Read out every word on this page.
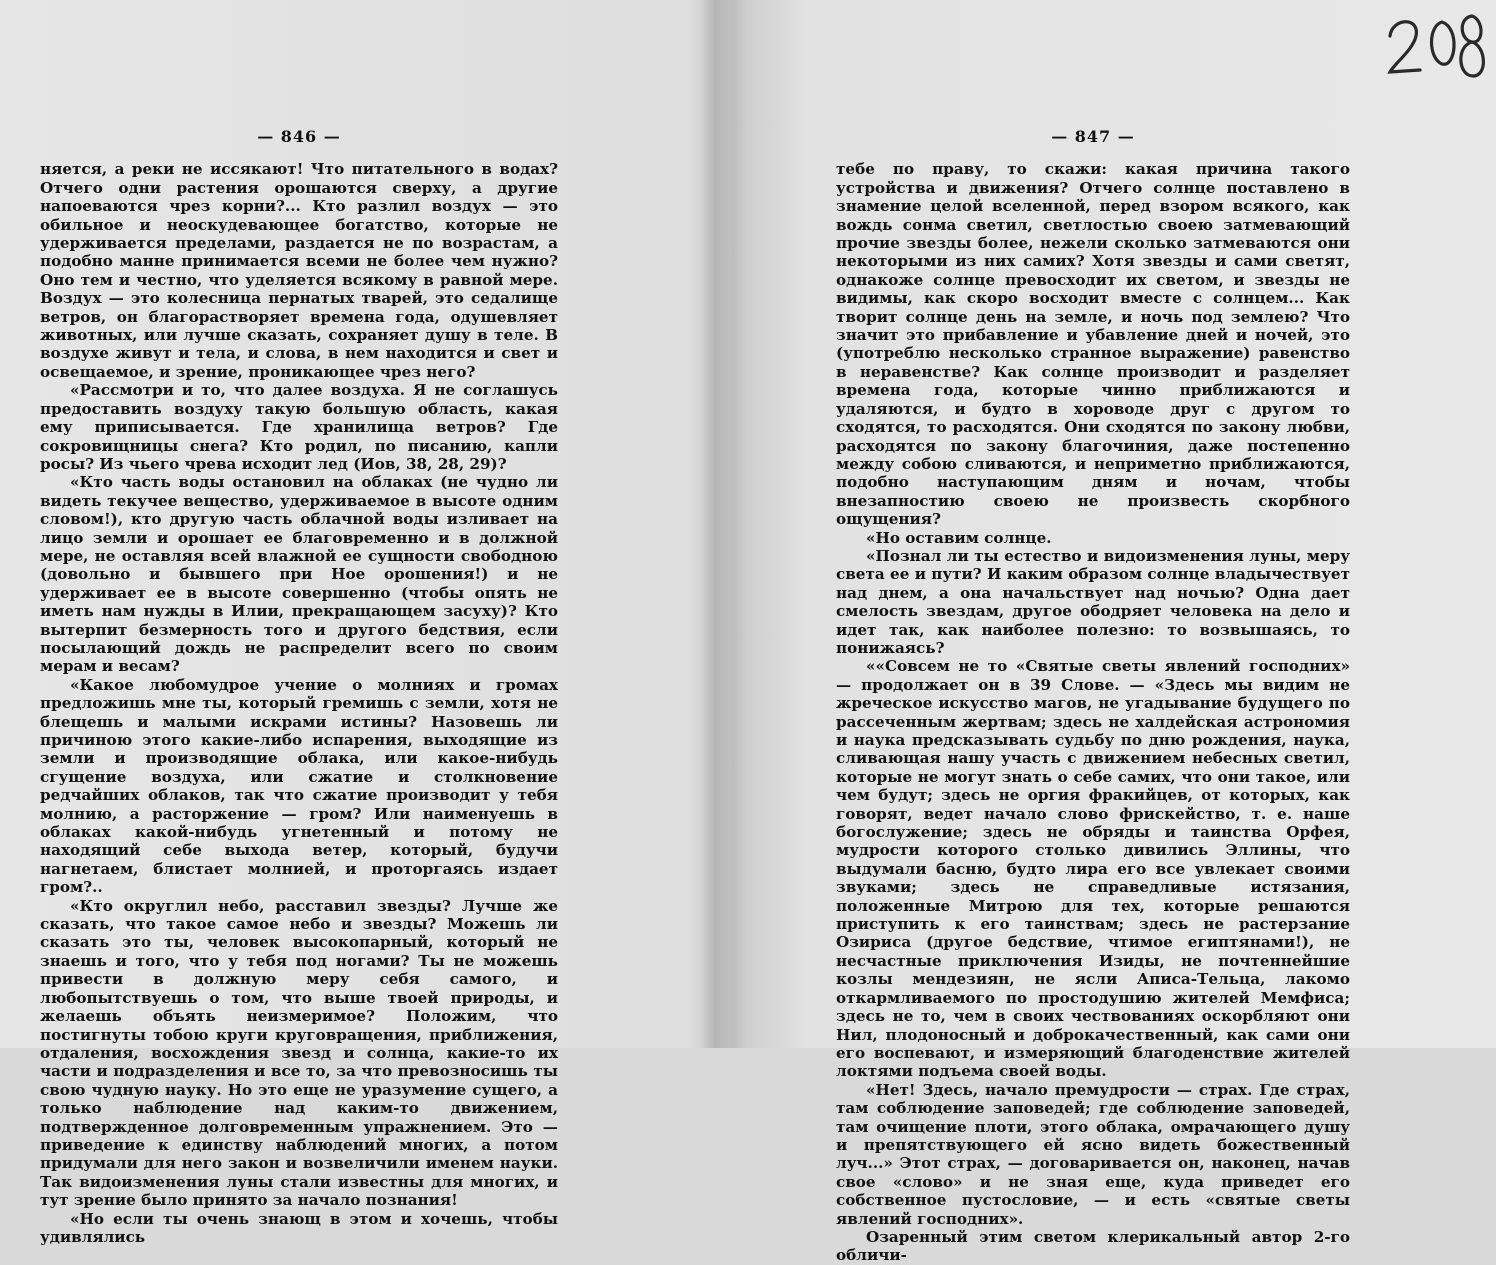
— 846 —

няется, а реки не иссякают! Что питательного в водах? Отчего одни растения орошаются сверху, а другие напоеваются чрез корни?... Кто разлил воздух — это обильное и неоскудевающее богатство, которые не удерживается пределами, раздается не по возрастам, а подобно манне принимается всеми не более чем нужно? Оно тем и честно, что уделяется всякому в равной мере. Воздух — это колесница пернатых тварей, это седалище ветров, он благорастворяет времена года, одушевляет животных, или лучше сказать, сохраняет душу в теле. В воздухе живут и тела, и слова, в нем находится и свет и освещаемое, и зрение, проникающее чрез него?

«Рассмотри и то, что далее воздуха. Я не соглашусь предоставить воздуху такую большую область, какая ему приписывается. Где хранилища ветров? Где сокровищницы снега? Кто родил, по писанию, капли росы? Из чьего чрева исходит лед (Иов, 38, 28, 29)?

«Кто часть воды остановил на облаках (не чудно ли видеть текучее вещество, удерживаемое в высоте одним словом!), кто другую часть облачной воды изливает на лицо земли и орошает ее благовременно и в должной мере, не оставляя всей влажной ее сущности свободною (довольно и бывшего при Ное орошения!) и не удерживает ее в высоте совершенно (чтобы опять не иметь нам нужды в Илии, прекращающем засуху)? Кто вытерпит безмерность того и другого бедствия, если посылающий дождь не распределит всего по своим мерам и весам?

«Какое любомудрое учение о молниях и громах предложишь мне ты, который гремишь с земли, хотя не блещешь и малыми искрами истины? Назовешь ли причиною этого какие-либо испарения, выходящие из земли и производящие облака, или какое-нибудь сгущение воздуха, или сжатие и столкновение редчайших облаков, так что сжатие производит у тебя молнию, а расторжение — гром? Или наименуешь в облаках какой-нибудь угнетенный и потому не находящий себе выхода ветер, который, будучи нагнетаем, блистает молнией, и проторгаясь издает гром?..

«Кто округлил небо, расставил звезды? Лучше же сказать, что такое самое небо и звезды? Можешь ли сказать это ты, человек высокопарный, который не знаешь и того, что у тебя под ногами? Ты не можешь привести в должную меру себя самого, и любопытствуешь о том, что выше твоей природы, и желаешь объять неизмеримое? Положим, что постигнуты тобою круги круговращения, приближения, отдаления, восхождения звезд и солнца, какие-то их части и подразделения и все то, за что превозносишь ты свою чудную науку. Но это еще не уразумение сущего, а только наблюдение над каким-то движением, подтвержденное долговременным упражнением. Это — приведение к единству наблюдений многих, а потом придумали для него закон и возвеличили именем науки. Так видоизменения луны стали известны для многих, и тут зрение было принято за начало познания!

«Но если ты очень знающ в этом и хочешь, чтобы удивлялись

— 847 —

тебе по праву, то скажи: какая причина такого устройства и движения? Отчего солнце поставлено в знамение целой вселенной, перед взором всякого, как вождь сонма светил, светлостью своею затмевающий прочие звезды более, нежели сколько затмеваются они некоторыми из них самих? Хотя звезды и сами светят, однакоже солнце превосходит их светом, и звезды не видимы, как скоро восходит вместе с солнцем... Как творит солнце день на земле, и ночь под землею? Что значит это прибавление и убавление дней и ночей, это (употреблю несколько странное выражение) равенство в неравенстве? Как солнце производит и разделяет времена года, которые чинно приближаются и удаляются, и будто в хороводе друг с другом то сходятся, то расходятся. Они сходятся по закону любви, расходятся по закону благочиния, даже постепенно между собою сливаются, и неприметно приближаются, подобно наступающим дням и ночам, чтобы внезапностию своею не произвесть скорбного ощущения?

«Но оставим солнце.

«Познал ли ты естество и видоизменения луны, меру света ее и пути? И каким образом солнце владычествует над днем, а она начальствует над ночью? Одна дает смелость звездам, другое ободряет человека на дело и идет так, как наиболее полезно: то возвышаясь, то понижаясь?

««Совсем не то «Святые светы явлений господних» — продолжает он в 39 Слове. — «Здесь мы видим не жреческое искусство магов, не угадывание будущего по рассеченным жертвам; здесь не халдейская астрономия и наука предсказывать судьбу по дню рождения, наука, сливающая нашу участь с движением небесных светил, которые не могут знать о себе самих, что они такое, или чем будут; здесь не оргия фракийцев, от которых, как говорят, ведет начало слово фрискейство, т. е. наше богослужение; здесь не обряды и таинства Орфея, мудрости которого столько дивились Эллины, что выдумали басню, будто лира его все увлекает своими звуками; здесь не справедливые истязания, положенные Митрою для тех, которые решаются приступить к его таинствам; здесь не растерзание Озириса (другое бедствие, чтимое египтянами!), не несчастные приключения Изиды, не почтеннейшие козлы мендезиян, не ясли Аписа-Тельца, лакомо откармливаемого по простодушию жителей Мемфиса; здесь не то, чем в своих чествованиях оскорбляют они Нил, плодоносный и доброкачественный, как сами они его воспевают, и измеряющий благоденствие жителей локтями подъема своей воды.

«Нет! Здесь, начало премудрости — страх. Где страх, там соблюдение заповедей; где соблюдение заповедей, там очищение плоти, этого облака, омрачающего душу и препятствующего ей ясно видеть божественный луч...» Этот страх, — договаривается он, наконец, начав свое «слово» и не зная еще, куда приведет его собственное пустословие, — и есть «святые светы явлений господних».

Озаренный этим светом клерикальный автор 2-го обличи-
